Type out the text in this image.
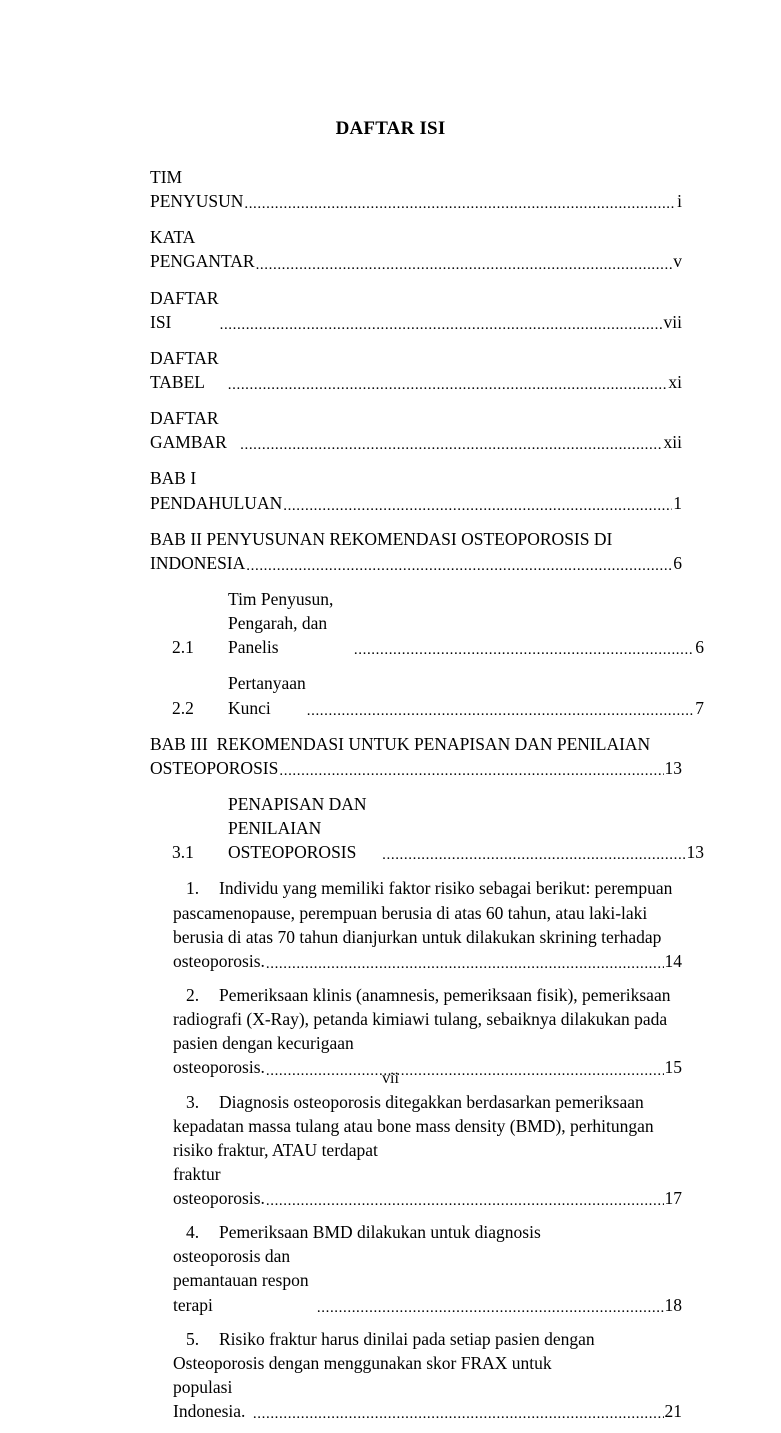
DAFTAR ISI
TIM PENYUSUN .....	i
KATA PENGANTAR .....	v
DAFTAR ISI .....	vii
DAFTAR TABEL .....	xi
DAFTAR GAMBAR .....	xii
BAB I PENDAHULUAN .....	1
BAB II PENYUSUNAN REKOMENDASI OSTEOPOROSIS DI
INDONESIA .....	6
2.1
Tim Penyusun, Pengarah, dan Panelis .....	6
2.2
Pertanyaan Kunci .....	7
BAB III  REKOMENDASI UNTUK PENAPISAN DAN PENILAIAN
OSTEOPOROSIS .....	13
3.1
PENAPISAN DAN PENILAIAN OSTEOPOROSIS .....	13
1. Individu yang memiliki faktor risiko sebagai berikut: perempuan pascamenopause, perempuan berusia di atas 60 tahun, atau laki-laki berusia di atas 70 tahun dianjurkan untuk dilakukan skrining terhadap
osteoporosis. .....	14
2. Pemeriksaan klinis (anamnesis, pemeriksaan fisik), pemeriksaan radiografi (X-Ray), petanda kimiawi tulang, sebaiknya dilakukan pada pasien dengan kecurigaan
osteoporosis. .....	15
3. Diagnosis osteoporosis ditegakkan berdasarkan pemeriksaan kepadatan massa tulang atau bone mass density (BMD), perhitungan risiko fraktur, ATAU terdapat
fraktur osteoporosis. .....	17
4. Pemeriksaan BMD dilakukan untuk diagnosis
osteoporosis dan pemantauan respon terapi .....	18
5. Risiko fraktur harus dinilai pada setiap pasien dengan Osteoporosis dengan menggunakan skor FRAX untuk
populasi Indonesia. .....	21
vii
